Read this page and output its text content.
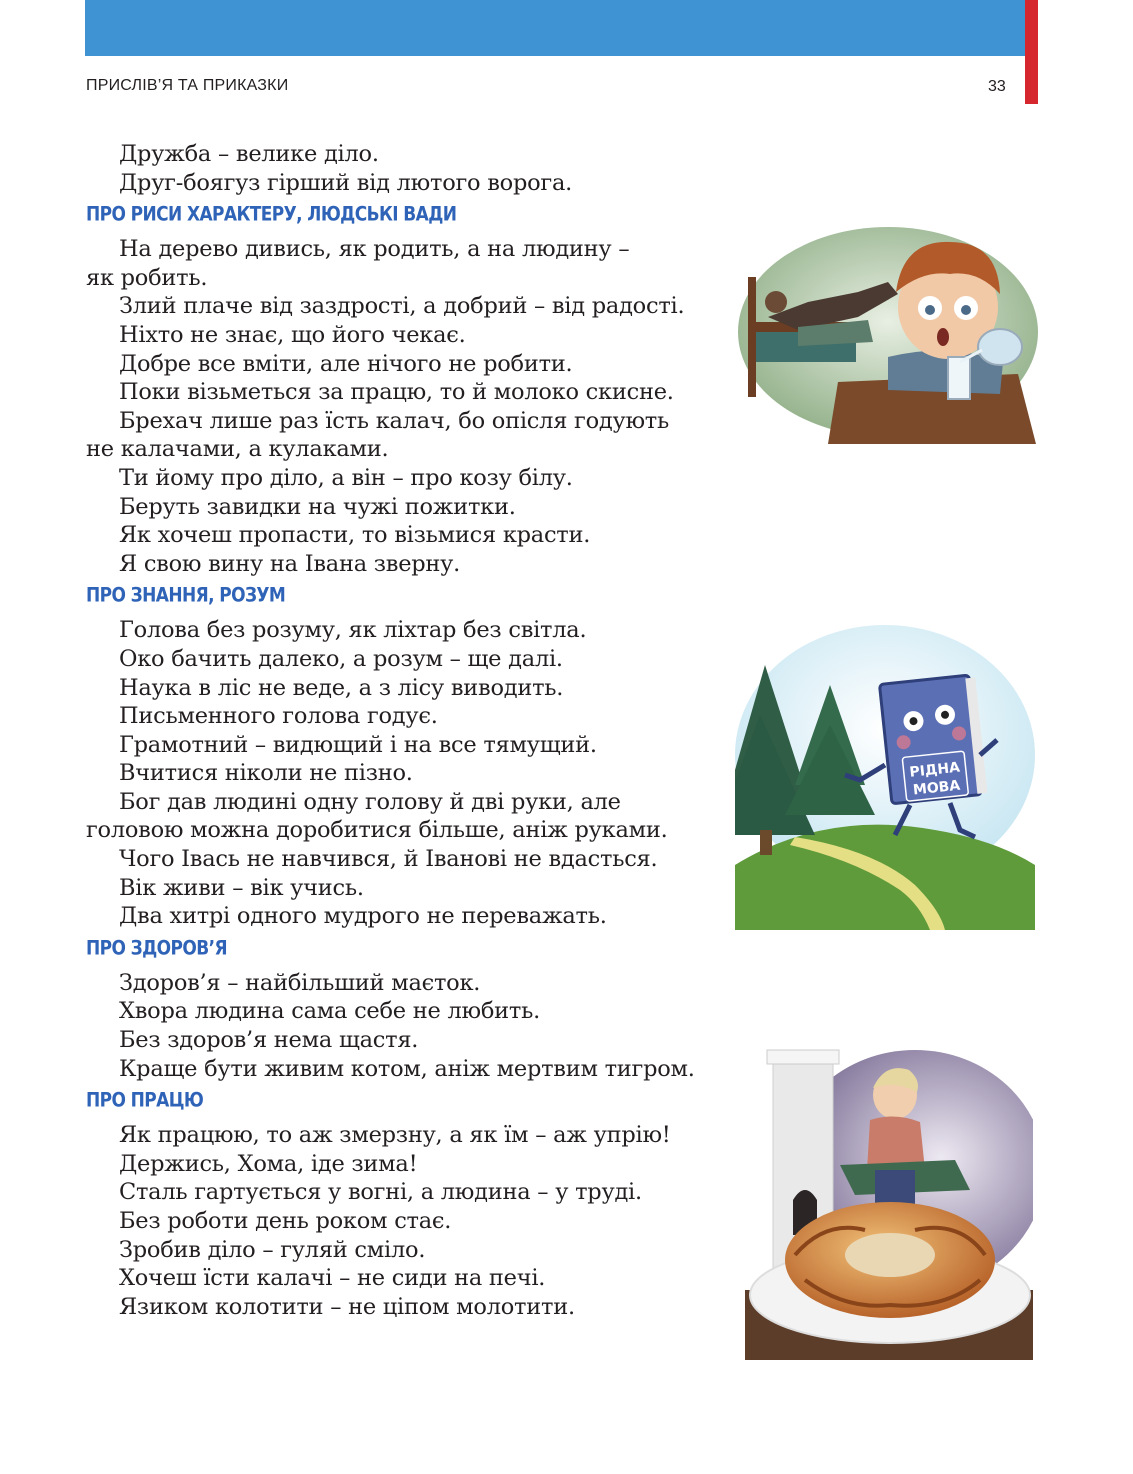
ПРИСЛІВ’Я ТА ПРИКАЗКИ	33
Дружба – велике діло.
Друг-боягуз гірший від лютого ворога.
ПРО РИСИ ХАРАКТЕРУ, ЛЮДСЬКІ ВАДИ
На дерево дивись, як родить, а на людину –
як робить.
Злий плаче від заздрості, а добрий – від радості.
Ніхто не знає, що його чекає.
Добре все вміти, але нічого не робити.
Поки візьметься за працю, то й молоко скисне.
Брехач лише раз їсть калач, бо опісля годують
не калачами, а кулаками.
Ти йому про діло, а він – про козу білу.
Беруть завидки на чужі пожитки.
Як хочеш пропасти, то візьмися красти.
Я свою вину на Івана зверну.
ПРО ЗНАННЯ, РОЗУМ
Голова без розуму, як ліхтар без світла.
Око бачить далеко, а розум – ще далі.
Наука в ліс не веде, а з лісу виводить.
Письменного голова годує.
Грамотний – видющий і на все тямущий.
Вчитися ніколи не пізно.
Бог дав людині одну голову й дві руки, але
головою можна доробитися більше, аніж руками.
Чого Івась не навчився, й Іванові не вдасться.
Вік живи – вік учись.
Два хитрі одного мудрого не переважать.
ПРО ЗДОРОВ’Я
Здоров’я – найбільший маєток.
Хвора людина сама себе не любить.
Без здоров’я нема щастя.
Краще бути живим котом, аніж мертвим тигром.
ПРО ПРАЦЮ
Як працюю, то аж змерзну, а як їм – аж упрію!
Держись, Хома, іде зима!
Сталь гартується у вогні, а людина – у труді.
Без роботи день роком стає.
Зробив діло – гуляй сміло.
Хочеш їсти калачі – не сиди на печі.
Язиком колотити – не ціпом молотити.
РІДНА
МОВА
